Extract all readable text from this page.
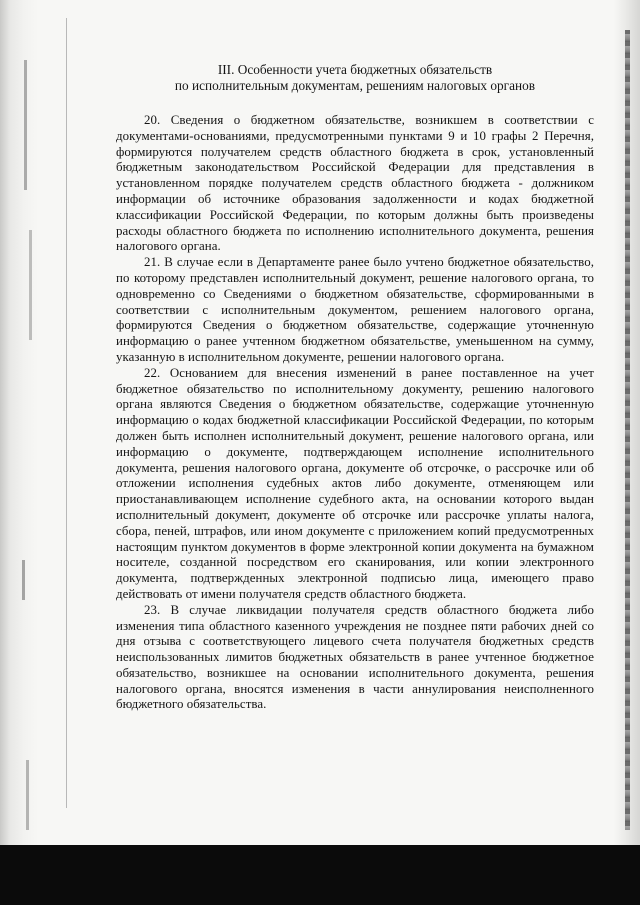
III. Особенности учета бюджетных обязательств
по исполнительным документам, решениям налоговых органов

20. Сведения о бюджетном обязательстве, возникшем в соответствии с документами-основаниями, предусмотренными пунктами 9 и 10 графы 2 Перечня, формируются получателем средств областного бюджета в срок, установленный бюджетным законодательством Российской Федерации для представления в установленном порядке получателем средств областного бюджета - должником информации об источнике образования задолженности и кодах бюджетной классификации Российской Федерации, по которым должны быть произведены расходы областного бюджета по исполнению исполнительного документа, решения налогового органа.

21. В случае если в Департаменте ранее было учтено бюджетное обязательство, по которому представлен исполнительный документ, решение налогового органа, то одновременно со Сведениями о бюджетном обязательстве, сформированными в соответствии с исполнительным документом, решением налогового органа, формируются Сведения о бюджетном обязательстве, содержащие уточненную информацию о ранее учтенном бюджетном обязательстве, уменьшенном на сумму, указанную в исполнительном документе, решении налогового органа.

22. Основанием для внесения изменений в ранее поставленное на учет бюджетное обязательство по исполнительному документу, решению налогового органа являются Сведения о бюджетном обязательстве, содержащие уточненную информацию о кодах бюджетной классификации Российской Федерации, по которым должен быть исполнен исполнительный документ, решение налогового органа, или информацию о документе, подтверждающем исполнение исполнительного документа, решения налогового органа, документе об отсрочке, о рассрочке или об отложении исполнения судебных актов либо документе, отменяющем или приостанавливающем исполнение судебного акта, на основании которого выдан исполнительный документ, документе об отсрочке или рассрочке уплаты налога, сбора, пеней, штрафов, или ином документе с приложением копий предусмотренных настоящим пунктом документов в форме электронной копии документа на бумажном носителе, созданной посредством его сканирования, или копии электронного документа, подтвержденных электронной подписью лица, имеющего право действовать от имени получателя средств областного бюджета.

23. В случае ликвидации получателя средств областного бюджета либо изменения типа областного казенного учреждения не позднее пяти рабочих дней со дня отзыва с соответствующего лицевого счета получателя бюджетных средств неиспользованных лимитов бюджетных обязательств в ранее учтенное бюджетное обязательство, возникшее на основании исполнительного документа, решения налогового органа, вносятся изменения в части аннулирования неисполненного бюджетного обязательства.
